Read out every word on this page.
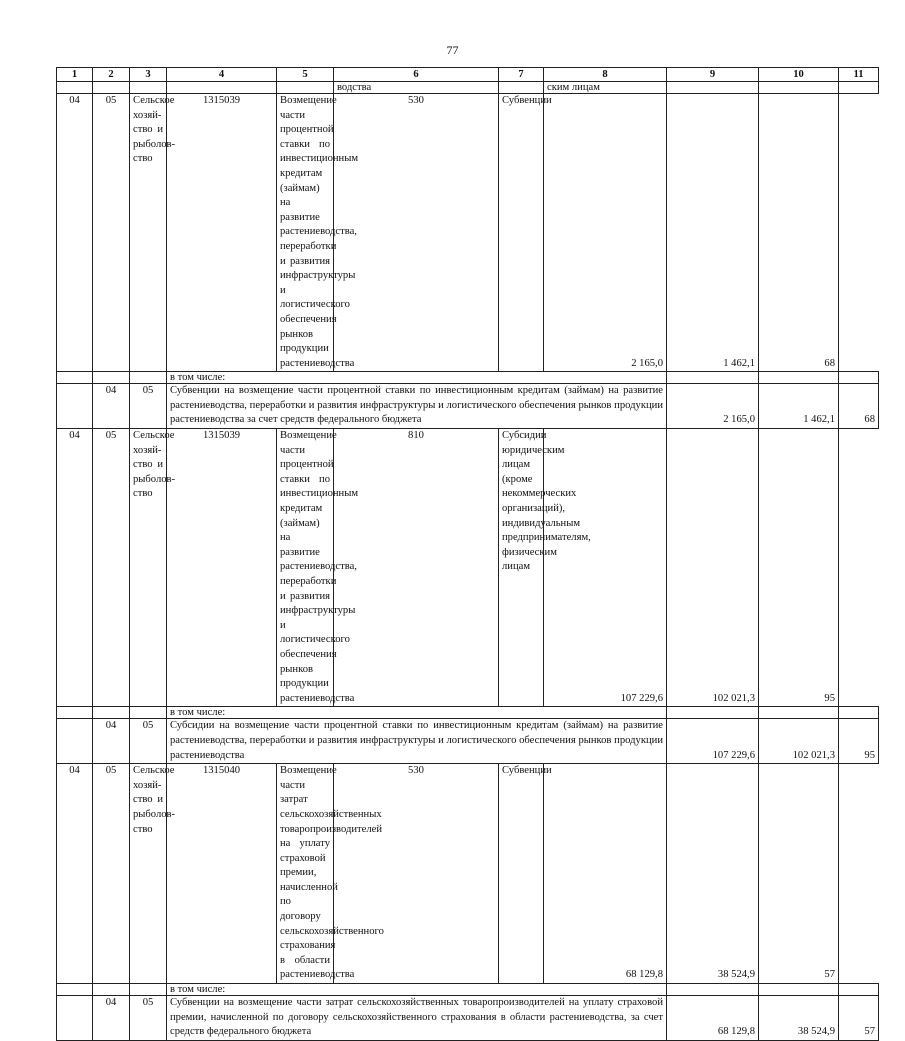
77
1	2	3	4	5	6	7	8	9	10	11
					водства		ским лицам			
04	05	Сельское хозяй-ство и рыболов-ство	1315039	Возмещение части процентной ставки по инвестиционным кредитам (займам) на развитие растениеводства, переработки и развития инфраструктуры и логистического обеспечения рынков продукции растениеводства	530	Субвенции	2 165,0	1 462,1	68	
			в том числе:							
	04	05	Субвенции на возмещение части процентной ставки по инвестиционным кредитам (займам) на развитие растениеводства, переработки и развития инфраструктуры и логистического обеспечения рынков продукции растениеводства за счет средств федерального бюджета					2 165,0	1 462,1	68
04	05	Сельское хозяй-ство и рыболов-ство	1315039	Возмещение части процентной ставки по инвестиционным кредитам (займам) на развитие растениеводства, переработки и развития инфраструктуры и логистического обеспечения рынков продукции растениеводства	810	Субсидии юридическим лицам (кроме некоммерческих организаций), индивидуальным предпринимателям, физическим лицам	107 229,6	102 021,3	95	
			в том числе:							
	04	05	Субсидии на возмещение части процентной ставки по инвестиционным кредитам (займам) на развитие растениеводства, переработки и развития инфраструктуры и логистического обеспечения рынков продукции растениеводства					107 229,6	102 021,3	95
04	05	Сельское хозяй-ство и рыболов-ство	1315040	Возмещение части затрат сельскохозяйственных товаропроизводителей на уплату страховой премии, начисленной по договору сельскохозяйственного страхования в области растениеводства	530	Субвенции	68 129,8	38 524,9	57	
			в том числе:							
	04	05	Субвенции на возмещение части затрат сельскохозяйственных товаропроизводителей на уплату страховой премии, начисленной по договору сельскохозяйственного страхования в области растениеводства, за счет средств федерального бюджета					68 129,8	38 524,9	57
